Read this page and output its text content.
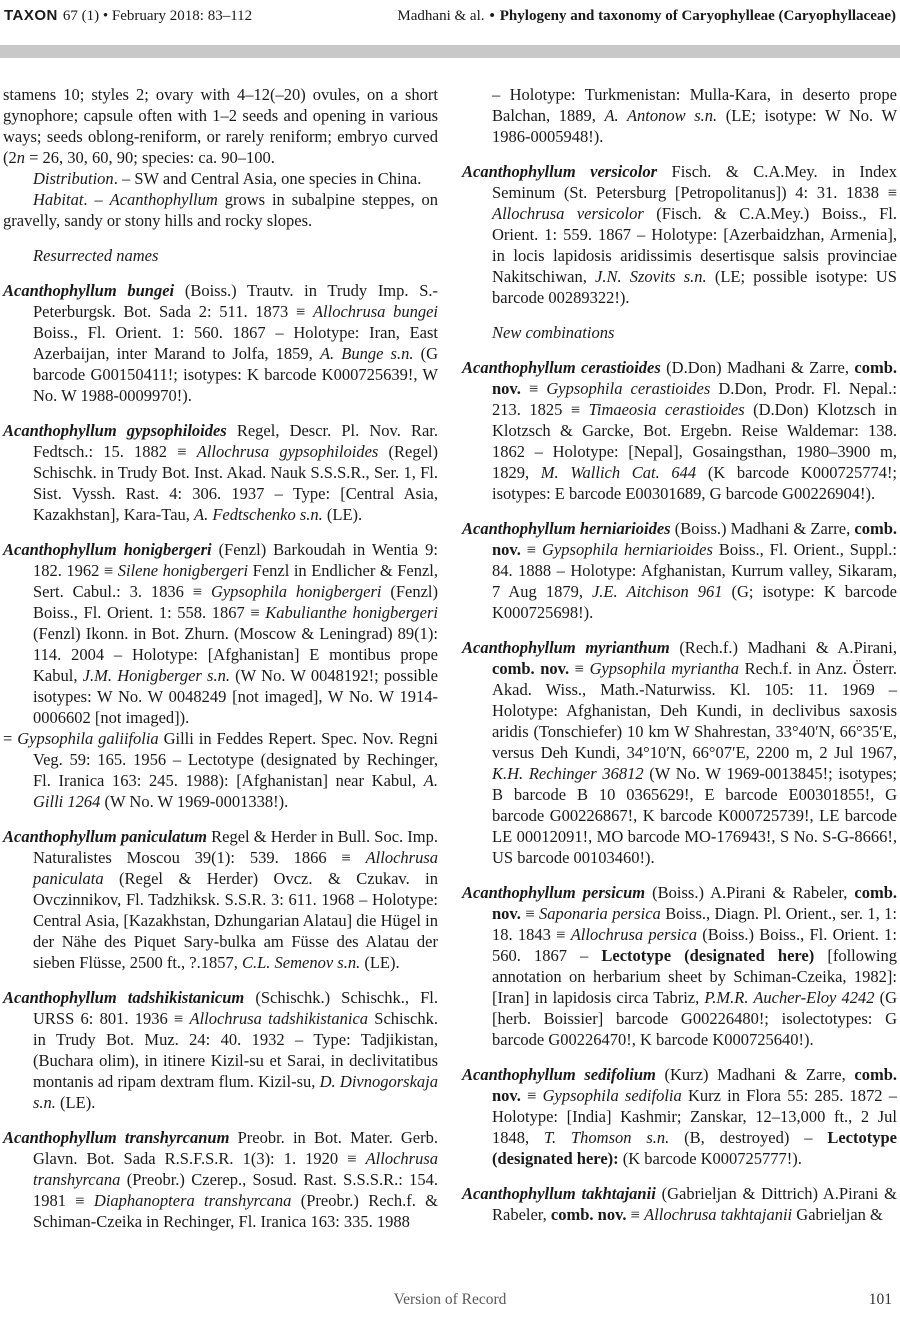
TAXON 67 (1) • February 2018: 83–112	Madhani & al. • Phylogeny and taxonomy of Caryophylleae (Caryophyllaceae)

stamens 10; styles 2; ovary with 4–12(–20) ovules, on a short gynophore; capsule often with 1–2 seeds and opening in various ways; seeds oblong-reniform, or rarely reniform; embryo curved (2n = 26, 30, 60, 90; species: ca. 90–100.

Distribution. – SW and Central Asia, one species in China.

Habitat. – Acanthophyllum grows in subalpine steppes, on gravelly, sandy or stony hills and rocky slopes.

Resurrected names

Acanthophyllum bungei (Boiss.) Trautv. in Trudy Imp. S.-Peterburgsk. Bot. Sada 2: 511. 1873 ≡ Allochrusa bungei Boiss., Fl. Orient. 1: 560. 1867 – Holotype: Iran, East Azerbaijan, inter Marand to Jolfa, 1859, A. Bunge s.n. (G barcode G00150411!; isotypes: K barcode K000725639!, W No. W 1988-0009970!).

Acanthophyllum gypsophiloides Regel, Descr. Pl. Nov. Rar. Fedtsch.: 15. 1882 ≡ Allochrusa gypsophiloides (Regel) Schischk. in Trudy Bot. Inst. Akad. Nauk S.S.S.R., Ser. 1, Fl. Sist. Vyssh. Rast. 4: 306. 1937 – Type: [Central Asia, Kazakhstan], Kara-Tau, A. Fedtschenko s.n. (LE).

Acanthophyllum honigbergeri (Fenzl) Barkoudah in Wentia 9: 182. 1962 ≡ Silene honigbergeri Fenzl in Endlicher & Fenzl, Sert. Cabul.: 3. 1836 ≡ Gypsophila honigbergeri (Fenzl) Boiss., Fl. Orient. 1: 558. 1867 ≡ Kabulianthe honigbergeri (Fenzl) Ikonn. in Bot. Zhurn. (Moscow & Leningrad) 89(1): 114. 2004 – Holotype: [Afghanistan] E montibus prope Kabul, J.M. Honigberger s.n. (W No. W 0048192!; possible isotypes: W No. W 0048249 [not imaged], W No. W 1914-0006602 [not imaged]).

= Gypsophila galiifolia Gilli in Feddes Repert. Spec. Nov. Regni Veg. 59: 165. 1956 – Lectotype (designated by Rechinger, Fl. Iranica 163: 245. 1988): [Afghanistan] near Kabul, A. Gilli 1264 (W No. W 1969-0001338!).

Acanthophyllum paniculatum Regel & Herder in Bull. Soc. Imp. Naturalistes Moscou 39(1): 539. 1866 ≡ Allochrusa paniculata (Regel & Herder) Ovcz. & Czukav. in Ovczinnikov, Fl. Tadzhiksk. S.S.R. 3: 611. 1968 – Holotype: Central Asia, [Kazakhstan, Dzhungarian Alatau] die Hügel in der Nähe des Piquet Sary-bulka am Füsse des Alatau der sieben Flüsse, 2500 ft., ?.1857, C.L. Semenov s.n. (LE).

Acanthophyllum tadshikistanicum (Schischk.) Schischk., Fl. URSS 6: 801. 1936 ≡ Allochrusa tadshikistanica Schischk. in Trudy Bot. Muz. 24: 40. 1932 – Type: Tadjikistan, (Buchara olim), in itinere Kizil-su et Sarai, in declivitatibus montanis ad ripam dextram flum. Kizil-su, D. Divnogorskaja s.n. (LE).

Acanthophyllum transhyrcanum Preobr. in Bot. Mater. Gerb. Glavn. Bot. Sada R.S.F.S.R. 1(3): 1. 1920 ≡ Allochrusa transhyrcana (Preobr.) Czerep., Sosud. Rast. S.S.S.R.: 154. 1981 ≡ Diaphanoptera transhyrcana (Preobr.) Rech.f. & Schiman-Czeika in Rechinger, Fl. Iranica 163: 335. 1988

– Holotype: Turkmenistan: Mulla-Kara, in deserto prope Balchan, 1889, A. Antonow s.n. (LE; isotype: W No. W 1986-0005948!).

Acanthophyllum versicolor Fisch. & C.A.Mey. in Index Seminum (St. Petersburg [Petropolitanus]) 4: 31. 1838 ≡ Allochrusa versicolor (Fisch. & C.A.Mey.) Boiss., Fl. Orient. 1: 559. 1867 – Holotype: [Azerbaidzhan, Armenia], in locis lapidosis aridissimis desertisque salsis provinciae Nakitschiwan, J.N. Szovits s.n. (LE; possible isotype: US barcode 00289322!).

New combinations

Acanthophyllum cerastioides (D.Don) Madhani & Zarre, comb. nov. ≡ Gypsophila cerastioides D.Don, Prodr. Fl. Nepal.: 213. 1825 ≡ Timaeosia cerastioides (D.Don) Klotzsch in Klotzsch & Garcke, Bot. Ergebn. Reise Waldemar: 138. 1862 – Holotype: [Nepal], Gosaingsthan, 1980–3900 m, 1829, M. Wallich Cat. 644 (K barcode K000725774!; isotypes: E barcode E00301689, G barcode G00226904!).

Acanthophyllum herniarioides (Boiss.) Madhani & Zarre, comb. nov. ≡ Gypsophila herniarioides Boiss., Fl. Orient., Suppl.: 84. 1888 – Holotype: Afghanistan, Kurrum valley, Sikaram, 7 Aug 1879, J.E. Aitchison 961 (G; isotype: K barcode K000725698!).

Acanthophyllum myrianthum (Rech.f.) Madhani & A.Pirani, comb. nov. ≡ Gypsophila myriantha Rech.f. in Anz. Österr. Akad. Wiss., Math.-Naturwiss. Kl. 105: 11. 1969 – Holotype: Afghanistan, Deh Kundi, in declivibus saxosis aridis (Tonschiefer) 10 km W Shahrestan, 33°40′N, 66°35′E, versus Deh Kundi, 34°10′N, 66°07′E, 2200 m, 2 Jul 1967, K.H. Rechinger 36812 (W No. W 1969-0013845!; isotypes; B barcode B 10 0365629!, E barcode E00301855!, G barcode G00226867!, K barcode K000725739!, LE barcode LE 00012091!, MO barcode MO-176943!, S No. S-G-8666!, US barcode 00103460!).

Acanthophyllum persicum (Boiss.) A.Pirani & Rabeler, comb. nov. ≡ Saponaria persica Boiss., Diagn. Pl. Orient., ser. 1, 1: 18. 1843 ≡ Allochrusa persica (Boiss.) Boiss., Fl. Orient. 1: 560. 1867 – Lectotype (designated here) [following annotation on herbarium sheet by Schiman-Czeika, 1982]: [Iran] in lapidosis circa Tabriz, P.M.R. Aucher-Eloy 4242 (G [herb. Boissier] barcode G00226480!; isolectotypes: G barcode G00226470!, K barcode K000725640!).

Acanthophyllum sedifolium (Kurz) Madhani & Zarre, comb. nov. ≡ Gypsophila sedifolia Kurz in Flora 55: 285. 1872 – Holotype: [India] Kashmir; Zanskar, 12–13,000 ft., 2 Jul 1848, T. Thomson s.n. (B, destroyed) – Lectotype (designated here): (K barcode K000725777!).

Acanthophyllum takhtajanii (Gabrieljan & Dittrich) A.Pirani & Rabeler, comb. nov. ≡ Allochrusa takhtajanii Gabrieljan &

Version of Record	101
